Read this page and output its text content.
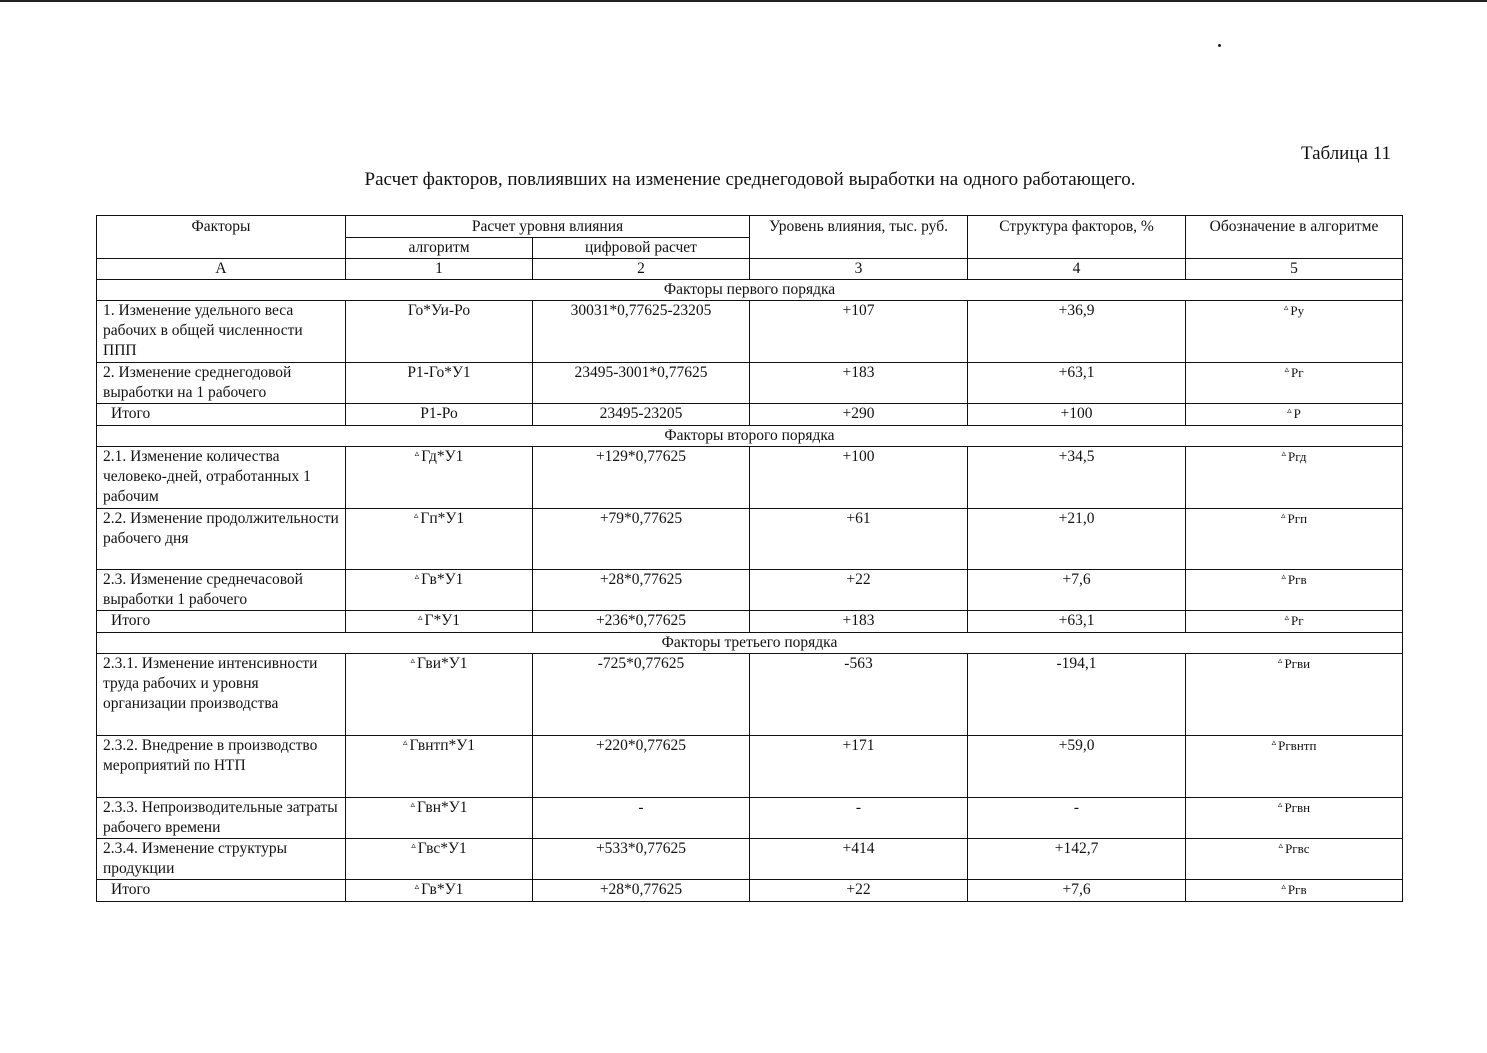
Таблица 11
Расчет факторов, повлиявших на изменение среднегодовой выработки на одного работающего.
Факторы	Расчет уровня влияния		Уровень влияния, тыс. руб.	Структура факторов, %	Обозначение в алгоритме
	алгоритм	цифровой расчет			
А	1	2	3	4	5
Факторы первого порядка					
1. Изменение удельного веса рабочих в общей численности ППП	Го*Уи-Ро	30031*0,77625-23205	+107	+36,9	▵ Ру
2. Изменение среднегодовой выработки на 1 рабочего	Р1-Го*У1	23495-3001*0,77625	+183	+63,1	▵ Рг
Итого	Р1-Ро	23495-23205	+290	+100	▵ Р
Факторы второго порядка					
2.1. Изменение количества человеко-дней, отработанных 1 рабочим	▵ Гд*У1	+129*0,77625	+100	+34,5	▵ Ргд
2.2. Изменение продолжительности рабочего дня	▵ Гп*У1	+79*0,77625	+61	+21,0	▵ Ргп
2.3. Изменение среднечасовой выработки 1 рабочего	▵ Гв*У1	+28*0,77625	+22	+7,6	▵ Ргв
Итого	▵ Г*У1	+236*0,77625	+183	+63,1	▵ Рг
Факторы третьего порядка					
2.3.1. Изменение интенсивности труда рабочих и уровня организации производства	▵ Гви*У1	-725*0,77625	-563	-194,1	▵ Ргви
2.3.2. Внедрение в производство мероприятий по НТП	▵ Гвнтп*У1	+220*0,77625	+171	+59,0	▵ Ргвнтп
2.3.3. Непроизводительные затраты рабочего времени	▵ Гвн*У1	-	-	-	▵ Ргвн
2.3.4. Изменение структуры продукции	▵ Гвс*У1	+533*0,77625	+414	+142,7	▵ Ргвс
Итого	▵ Гв*У1	+28*0,77625	+22	+7,6	▵ Ргв
